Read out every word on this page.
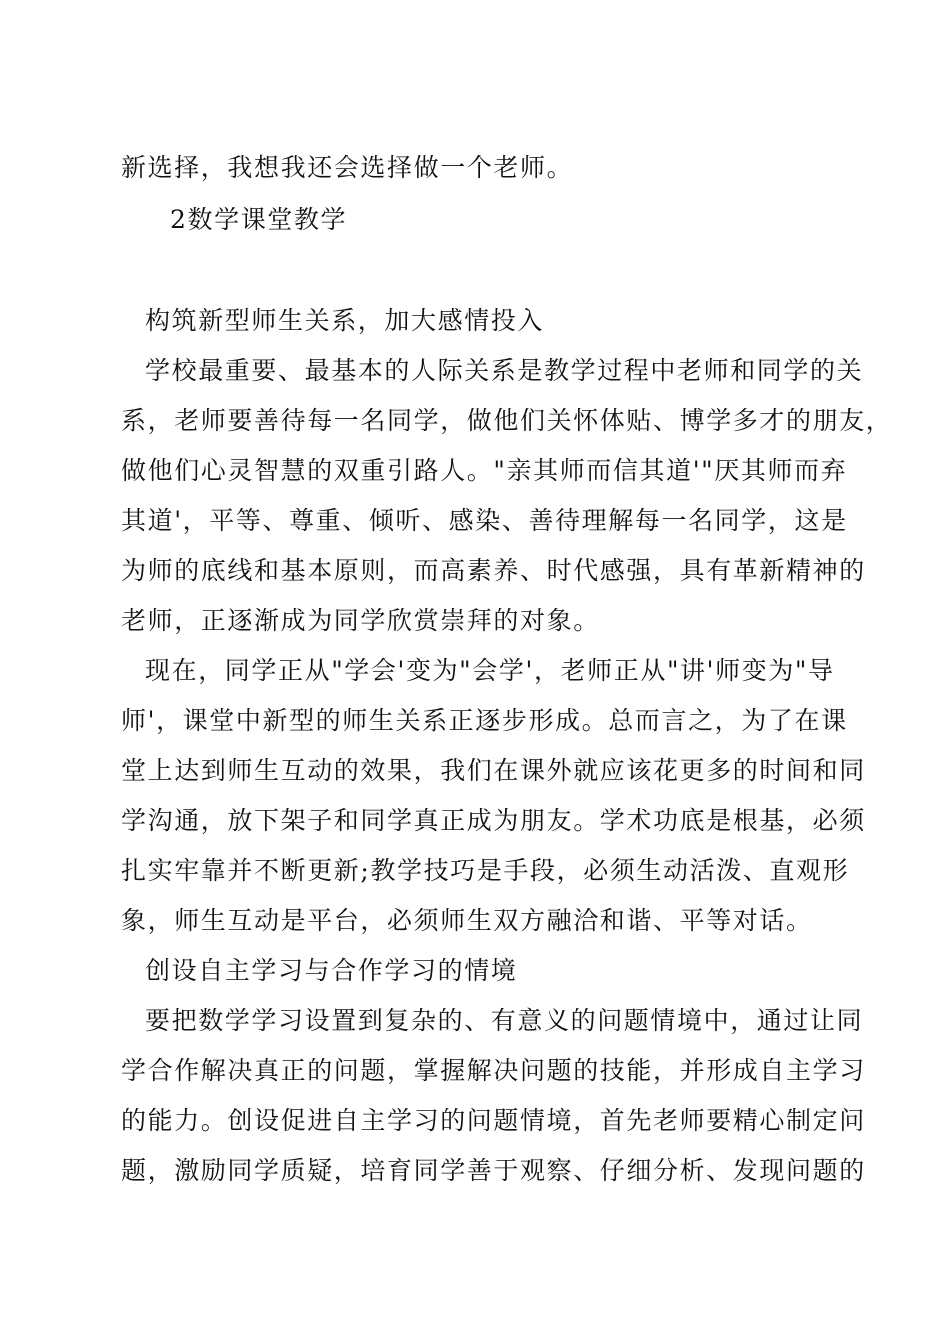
新选择，我想我还会选择做一个老师。
2数学课堂教学
构筑新型师生关系，加大感情投入
学校最重要、最基本的人际关系是教学过程中老师和同学的关
系，老师要善待每一名同学，做他们关怀体贴、博学多才的朋友，
做他们心灵智慧的双重引路人。"亲其师而信其道'"厌其师而弃
其道'，平等、尊重、倾听、感染、善待理解每一名同学，这是
为师的底线和基本原则，而高素养、时代感强，具有革新精神的
老师，正逐渐成为同学欣赏崇拜的对象。
现在，同学正从"学会'变为"会学'，老师正从"讲'师变为"导
师'，课堂中新型的师生关系正逐步形成。总而言之，为了在课
堂上达到师生互动的效果，我们在课外就应该花更多的时间和同
学沟通，放下架子和同学真正成为朋友。学术功底是根基，必须
扎实牢靠并不断更新;教学技巧是手段，必须生动活泼、直观形
象，师生互动是平台，必须师生双方融洽和谐、平等对话。
创设自主学习与合作学习的情境
要把数学学习设置到复杂的、有意义的问题情境中，通过让同
学合作解决真正的问题，掌握解决问题的技能，并形成自主学习
的能力。创设促进自主学习的问题情境，首先老师要精心制定问
题，激励同学质疑，培育同学善于观察、仔细分析、发现问题的
